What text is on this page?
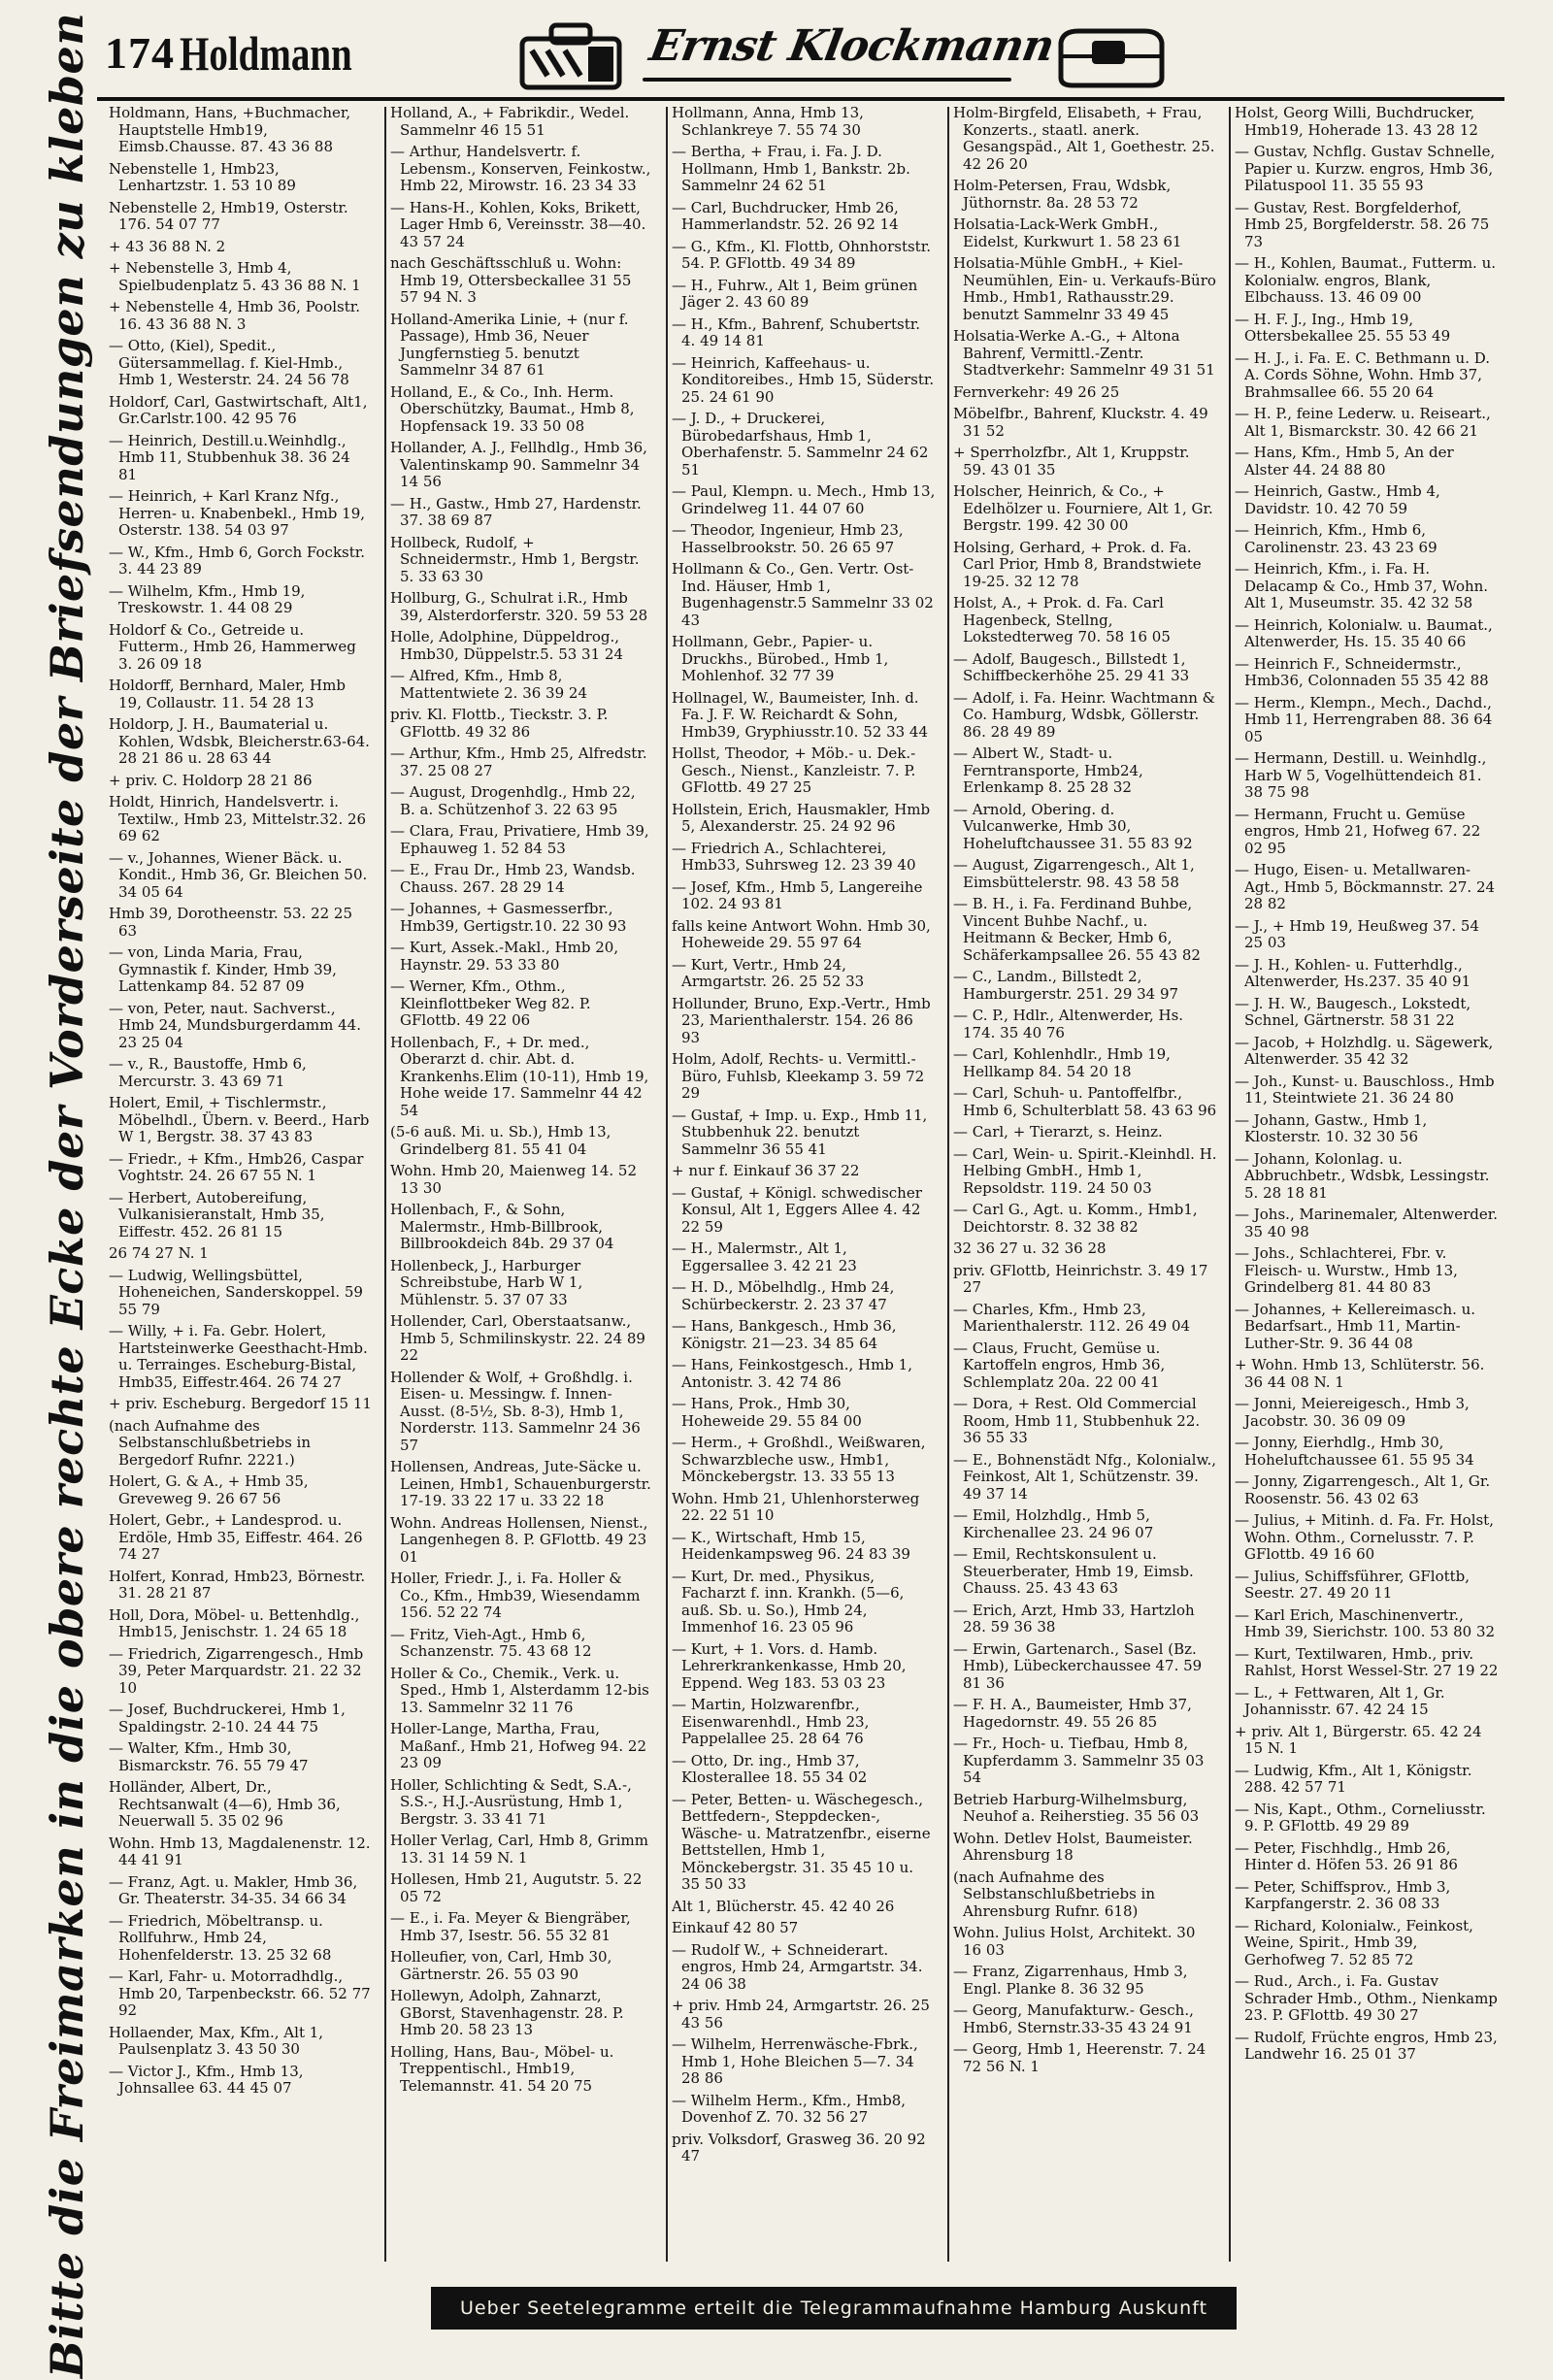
174 Holdmann	Ernst Klockmann
Bitte die Freimarken in die obere rechte Ecke der Vorderseite der Briefsendungen zu kleben Holdmann, Hans, +Buchmacher, Hauptstelle Hmb19, Eimsb.Chausse. 87. 43 36 88
Nebenstelle 1, Hmb23, Lenhartzstr. 1. 53 10 89
Nebenstelle 2, Hmb19, Osterstr. 176. 54 07 77
+ 43 36 88 N. 2
+ Nebenstelle 3, Hmb 4, Spielbudenplatz 5. 43 36 88 N. 1
+ Nebenstelle 4, Hmb 36, Poolstr. 16. 43 36 88 N. 3
— Otto, (Kiel), Spedit., Gütersammellag. f. Kiel-Hmb., Hmb 1, Westerstr. 24. 24 56 78
Holdorf, Carl, Gastwirtschaft, Alt1, Gr.Carlstr.100. 42 95 76
— Heinrich, Destill.u.Weinhdlg., Hmb 11, Stubbenhuk 38. 36 24 81
— Heinrich, + Karl Kranz Nfg., Herren- u. Knabenbekl., Hmb 19, Osterstr. 138. 54 03 97
— W., Kfm., Hmb 6, Gorch Fockstr. 3. 44 23 89
— Wilhelm, Kfm., Hmb 19, Treskowstr. 1. 44 08 29
Holdorf & Co., Getreide u. Futterm., Hmb 26, Hammerweg 3. 26 09 18
Holdorff, Bernhard, Maler, Hmb 19, Collaustr. 11. 54 28 13
Holdorp, J. H., Baumaterial u. Kohlen, Wdsbk, Bleicherstr.63-64. 28 21 86 u. 28 63 44
+ priv. C. Holdorp 28 21 86
Holdt, Hinrich, Handelsvertr. i. Textilw., Hmb 23, Mittelstr.32. 26 69 62
— v., Johannes, Wiener Bäck. u. Kondit., Hmb 36, Gr. Bleichen 50. 34 05 64
Hmb 39, Dorotheenstr. 53. 22 25 63
— von, Linda Maria, Frau, Gymnastik f. Kinder, Hmb 39, Lattenkamp 84. 52 87 09
— von, Peter, naut. Sachverst., Hmb 24, Mundsburgerdamm 44. 23 25 04
— v., R., Baustoffe, Hmb 6, Mercurstr. 3. 43 69 71
Holert, Emil, + Tischlermstr., Möbelhdl., Übern. v. Beerd., Harb W 1, Bergstr. 38. 37 43 83
— Friedr., + Kfm., Hmb26, Caspar Voghtstr. 24. 26 67 55 N. 1
— Herbert, Autobereifung, Vulkanisieranstalt, Hmb 35, Eiffestr. 452. 26 81 15
26 74 27 N. 1
— Ludwig, Wellingsbüttel, Hoheneichen, Sanderskoppel. 59 55 79
— Willy, + i. Fa. Gebr. Holert, Hartsteinwerke Geesthacht-Hmb. u. Terrainges. Escheburg-Bistal, Hmb35, Eiffestr.464. 26 74 27
+ priv. Escheburg. Bergedorf 15 11
(nach Aufnahme des Selbstanschlußbetriebs in Bergedorf Rufnr. 2221.)
Holert, G. & A., + Hmb 35, Greveweg 9. 26 67 56
Holert, Gebr., + Landesprod. u. Erdöle, Hmb 35, Eiffestr. 464. 26 74 27
Holfert, Konrad, Hmb23, Börnestr. 31. 28 21 87
Holl, Dora, Möbel- u. Bettenhdlg., Hmb15, Jenischstr. 1. 24 65 18
— Friedrich, Zigarrengesch., Hmb 39, Peter Marquardstr. 21. 22 32 10
— Josef, Buchdruckerei, Hmb 1, Spaldingstr. 2-10. 24 44 75
— Walter, Kfm., Hmb 30, Bismarckstr. 76. 55 79 47
Holländer, Albert, Dr., Rechtsanwalt (4—6), Hmb 36, Neuerwall 5. 35 02 96
Wohn. Hmb 13, Magdalenenstr. 12. 44 41 91
— Franz, Agt. u. Makler, Hmb 36, Gr. Theaterstr. 34-35. 34 66 34
— Friedrich, Möbeltransp. u. Rollfuhrw., Hmb 24, Hohenfelderstr. 13. 25 32 68
— Karl, Fahr- u. Motorradhdlg., Hmb 20, Tarpenbeckstr. 66. 52 77 92
Hollaender, Max, Kfm., Alt 1, Paulsenplatz 3. 43 50 30
— Victor J., Kfm., Hmb 13, Johnsallee 63. 44 45 07
Holland, A., + Fabrikdir., Wedel. Sammelnr 46 15 51
— Arthur, Handelsvertr. f. Lebensm., Konserven, Feinkostw., Hmb 22, Mirowstr. 16. 23 34 33
— Hans-H., Kohlen, Koks, Brikett, Lager Hmb 6, Vereinsstr. 38—40. 43 57 24
nach Geschäftsschluß u. Wohn: Hmb 19, Ottersbeckallee 31 55 57 94 N. 3
Holland-Amerika Linie, + (nur f. Passage), Hmb 36, Neuer Jungfernstieg 5. benutzt Sammelnr 34 87 61
Holland, E., & Co., Inh. Herm. Oberschützky, Baumat., Hmb 8, Hopfensack 19. 33 50 08
Hollander, A. J., Fellhdlg., Hmb 36, Valentinskamp 90. Sammelnr 34 14 56
— H., Gastw., Hmb 27, Hardenstr. 37. 38 69 87
Hollbeck, Rudolf, + Schneidermstr., Hmb 1, Bergstr. 5. 33 63 30
Hollburg, G., Schulrat i.R., Hmb 39, Alsterdorferstr. 320. 59 53 28
Holle, Adolphine, Düppeldrog., Hmb30, Düppelstr.5. 53 31 24
— Alfred, Kfm., Hmb 8, Mattentwiete 2. 36 39 24
priv. Kl. Flottb., Tieckstr. 3. P. GFlottb. 49 32 86
— Arthur, Kfm., Hmb 25, Alfredstr. 37. 25 08 27
— August, Drogenhdlg., Hmb 22, B. a. Schützenhof 3. 22 63 95
— Clara, Frau, Privatiere, Hmb 39, Ephauweg 1. 52 84 53
— E., Frau Dr., Hmb 23, Wandsb. Chauss. 267. 28 29 14
— Johannes, + Gasmesserfbr., Hmb39, Gertigstr.10. 22 30 93
— Kurt, Assek.-Makl., Hmb 20, Haynstr. 29. 53 33 80
— Werner, Kfm., Othm., Kleinflottbeker Weg 82. P. GFlottb. 49 22 06
Hollenbach, F., + Dr. med., Oberarzt d. chir. Abt. d. Krankenhs.Elim (10-11), Hmb 19, Hohe weide 17. Sammelnr 44 42 54
(5-6 auß. Mi. u. Sb.), Hmb 13, Grindelberg 81. 55 41 04
Wohn. Hmb 20, Maienweg 14. 52 13 30
Hollenbach, F., & Sohn, Malermstr., Hmb-Billbrook, Billbrookdeich 84b. 29 37 04
Hollenbeck, J., Harburger Schreibstube, Harb W 1, Mühlenstr. 5. 37 07 33
Hollender, Carl, Oberstaatsanw., Hmb 5, Schmilinskystr. 22. 24 89 22
Hollender & Wolf, + Großhdlg. i. Eisen- u. Messingw. f. Innen-Ausst. (8-5½, Sb. 8-3), Hmb 1, Norderstr. 113. Sammelnr 24 36 57
Hollensen, Andreas, Jute-Säcke u. Leinen, Hmb1, Schauenburgerstr. 17-19. 33 22 17 u. 33 22 18
Wohn. Andreas Hollensen, Nienst., Langenhegen 8. P. GFlottb. 49 23 01
Holler, Friedr. J., i. Fa. Holler & Co., Kfm., Hmb39, Wiesendamm 156. 52 22 74
— Fritz, Vieh-Agt., Hmb 6, Schanzenstr. 75. 43 68 12
Holler & Co., Chemik., Verk. u. Sped., Hmb 1, Alsterdamm 12-bis 13. Sammelnr 32 11 76
Holler-Lange, Martha, Frau, Maßanf., Hmb 21, Hofweg 94. 22 23 09
Holler, Schlichting & Sedt, S.A.-, S.S.-, H.J.-Ausrüstung, Hmb 1, Bergstr. 3. 33 41 71
Holler Verlag, Carl, Hmb 8, Grimm 13. 31 14 59 N. 1
Hollesen, Hmb 21, Augutstr. 5. 22 05 72
— E., i. Fa. Meyer & Biengräber, Hmb 37, Isestr. 56. 55 32 81
Holleufier, von, Carl, Hmb 30, Gärtnerstr. 26. 55 03 90
Hollewyn, Adolph, Zahnarzt, GBorst, Stavenhagenstr. 28. P. Hmb 20. 58 23 13
Holling, Hans, Bau-, Möbel- u. Treppentischl., Hmb19, Telemannstr. 41. 54 20 75
Hollmann, Anna, Hmb 13, Schlankreye 7. 55 74 30
— Bertha, + Frau, i. Fa. J. D. Hollmann, Hmb 1, Bankstr. 2b. Sammelnr 24 62 51
— Carl, Buchdrucker, Hmb 26, Hammerlandstr. 52. 26 92 14
— G., Kfm., Kl. Flottb, Ohnhorststr. 54. P. GFlottb. 49 34 89
— H., Fuhrw., Alt 1, Beim grünen Jäger 2. 43 60 89
— H., Kfm., Bahrenf, Schubertstr. 4. 49 14 81
— Heinrich, Kaffeehaus- u. Konditoreibes., Hmb 15, Süderstr. 25. 24 61 90
— J. D., + Druckerei, Bürobedarfshaus, Hmb 1, Oberhafenstr. 5. Sammelnr 24 62 51
— Paul, Klempn. u. Mech., Hmb 13, Grindelweg 11. 44 07 60
— Theodor, Ingenieur, Hmb 23, Hasselbrookstr. 50. 26 65 97
Hollmann & Co., Gen. Vertr. Ost-Ind. Häuser, Hmb 1, Bugenhagenstr.5 Sammelnr 33 02 43
Hollmann, Gebr., Papier- u. Druckhs., Bürobed., Hmb 1, Mohlenhof. 32 77 39
Hollnagel, W., Baumeister, Inh. d. Fa. J. F. W. Reichardt & Sohn, Hmb39, Gryphiusstr.10. 52 33 44
Hollst, Theodor, + Möb.- u. Dek.-Gesch., Nienst., Kanzleistr. 7. P. GFlottb. 49 27 25
Hollstein, Erich, Hausmakler, Hmb 5, Alexanderstr. 25. 24 92 96
— Friedrich A., Schlachterei, Hmb33, Suhrsweg 12. 23 39 40
— Josef, Kfm., Hmb 5, Langereihe 102. 24 93 81
falls keine Antwort Wohn. Hmb 30, Hoheweide 29. 55 97 64
— Kurt, Vertr., Hmb 24, Armgartstr. 26. 25 52 33
Hollunder, Bruno, Exp.-Vertr., Hmb 23, Marienthalerstr. 154. 26 86 93
Holm, Adolf, Rechts- u. Vermittl.-Büro, Fuhlsb, Kleekamp 3. 59 72 29
— Gustaf, + Imp. u. Exp., Hmb 11, Stubbenhuk 22. benutzt Sammelnr 36 55 41
+ nur f. Einkauf 36 37 22
— Gustaf, + Königl. schwedischer Konsul, Alt 1, Eggers Allee 4. 42 22 59
— H., Malermstr., Alt 1, Eggersallee 3. 42 21 23
— H. D., Möbelhdlg., Hmb 24, Schürbeckerstr. 2. 23 37 47
— Hans, Bankgesch., Hmb 36, Königstr. 21—23. 34 85 64
— Hans, Feinkostgesch., Hmb 1, Antonistr. 3. 42 74 86
— Hans, Prok., Hmb 30, Hoheweide 29. 55 84 00
— Herm., + Großhdl., Weißwaren, Schwarzbleche usw., Hmb1, Mönckebergstr. 13. 33 55 13
Wohn. Hmb 21, Uhlenhorsterweg 22. 22 51 10
— K., Wirtschaft, Hmb 15, Heidenkampsweg 96. 24 83 39
— Kurt, Dr. med., Physikus, Facharzt f. inn. Krankh. (5—6, auß. Sb. u. So.), Hmb 24, Immenhof 16. 23 05 96
— Kurt, + 1. Vors. d. Hamb. Lehrerkrankenkasse, Hmb 20, Eppend. Weg 183. 53 03 23
— Martin, Holzwarenfbr., Eisenwarenhdl., Hmb 23, Pappelallee 25. 28 64 76
— Otto, Dr. ing., Hmb 37, Klosterallee 18. 55 34 02
— Peter, Betten- u. Wäschegesch., Bettfedern-, Steppdecken-, Wäsche- u. Matratzenfbr., eiserne Bettstellen, Hmb 1, Mönckebergstr. 31. 35 45 10 u. 35 50 33
Alt 1, Blücherstr. 45. 42 40 26
Einkauf 42 80 57
— Rudolf W., + Schneiderart. engros, Hmb 24, Armgartstr. 34. 24 06 38
+ priv. Hmb 24, Armgartstr. 26. 25 43 56
— Wilhelm, Herrenwäsche-Fbrk., Hmb 1, Hohe Bleichen 5—7. 34 28 86
— Wilhelm Herm., Kfm., Hmb8, Dovenhof Z. 70. 32 56 27
priv. Volksdorf, Grasweg 36. 20 92 47
Holm-Birgfeld, Elisabeth, + Frau, Konzerts., staatl. anerk. Gesangspäd., Alt 1, Goethestr. 25. 42 26 20
Holm-Petersen, Frau, Wdsbk, Jüthornstr. 8a. 28 53 72
Holsatia-Lack-Werk GmbH., Eidelst, Kurkwurt 1. 58 23 61
Holsatia-Mühle GmbH., + Kiel-Neumühlen, Ein- u. Verkaufs-Büro Hmb., Hmb1, Rathausstr.29. benutzt Sammelnr 33 49 45
Holsatia-Werke A.-G., + Altona Bahrenf, Vermittl.-Zentr. Stadtverkehr: Sammelnr 49 31 51
Fernverkehr: 49 26 25
Möbelfbr., Bahrenf, Kluckstr. 4. 49 31 52
+ Sperrholzfbr., Alt 1, Kruppstr. 59. 43 01 35
Holscher, Heinrich, & Co., + Edelhölzer u. Fourniere, Alt 1, Gr. Bergstr. 199. 42 30 00
Holsing, Gerhard, + Prok. d. Fa. Carl Prior, Hmb 8, Brandstwiete 19-25. 32 12 78
Holst, A., + Prok. d. Fa. Carl Hagenbeck, Stellng, Lokstedterweg 70. 58 16 05
— Adolf, Baugesch., Billstedt 1, Schiffbeckerhöhe 25. 29 41 33
— Adolf, i. Fa. Heinr. Wachtmann & Co. Hamburg, Wdsbk, Göllerstr. 86. 28 49 89
— Albert W., Stadt- u. Ferntransporte, Hmb24, Erlenkamp 8. 25 28 32
— Arnold, Obering. d. Vulcanwerke, Hmb 30, Hoheluftchaussee 31. 55 83 92
— August, Zigarrengesch., Alt 1, Eimsbüttelerstr. 98. 43 58 58
— B. H., i. Fa. Ferdinand Buhbe, Vincent Buhbe Nachf., u. Heitmann & Becker, Hmb 6, Schäferkampsallee 26. 55 43 82
— C., Landm., Billstedt 2, Hamburgerstr. 251. 29 34 97
— C. P., Hdlr., Altenwerder, Hs. 174. 35 40 76
— Carl, Kohlenhdlr., Hmb 19, Hellkamp 84. 54 20 18
— Carl, Schuh- u. Pantoffelfbr., Hmb 6, Schulterblatt 58. 43 63 96
— Carl, + Tierarzt, s. Heinz.
— Carl, Wein- u. Spirit.-Kleinhdl. H. Helbing GmbH., Hmb 1, Repsoldstr. 119. 24 50 03
— Carl G., Agt. u. Komm., Hmb1, Deichtorstr. 8. 32 38 82
32 36 27 u. 32 36 28
priv. GFlottb, Heinrichstr. 3. 49 17 27
— Charles, Kfm., Hmb 23, Marienthalerstr. 112. 26 49 04
— Claus, Frucht, Gemüse u. Kartoffeln engros, Hmb 36, Schlemplatz 20a. 22 00 41
— Dora, + Rest. Old Commercial Room, Hmb 11, Stubbenhuk 22. 36 55 33
— E., Bohnenstädt Nfg., Kolonialw., Feinkost, Alt 1, Schützenstr. 39. 49 37 14
— Emil, Holzhdlg., Hmb 5, Kirchenallee 23. 24 96 07
— Emil, Rechtskonsulent u. Steuerberater, Hmb 19, Eimsb. Chauss. 25. 43 43 63
— Erich, Arzt, Hmb 33, Hartzloh 28. 59 36 38
— Erwin, Gartenarch., Sasel (Bz. Hmb), Lübeckerchaussee 47. 59 81 36
— F. H. A., Baumeister, Hmb 37, Hagedornstr. 49. 55 26 85
— Fr., Hoch- u. Tiefbau, Hmb 8, Kupferdamm 3. Sammelnr 35 03 54
Betrieb Harburg-Wilhelmsburg, Neuhof a. Reiherstieg. 35 56 03
Wohn. Detlev Holst, Baumeister. Ahrensburg 18
(nach Aufnahme des Selbstanschlußbetriebs in Ahrensburg Rufnr. 618)
Wohn. Julius Holst, Architekt. 30 16 03
— Franz, Zigarrenhaus, Hmb 3, Engl. Planke 8. 36 32 95
— Georg, Manufakturw.- Gesch., Hmb6, Sternstr.33-35 43 24 91
— Georg, Hmb 1, Heerenstr. 7. 24 72 56 N. 1
Holst, Georg Willi, Buchdrucker, Hmb19, Hoherade 13. 43 28 12
— Gustav, Nchflg. Gustav Schnelle, Papier u. Kurzw. engros, Hmb 36, Pilatuspool 11. 35 55 93
— Gustav, Rest. Borgfelderhof, Hmb 25, Borgfelderstr. 58. 26 75 73
— H., Kohlen, Baumat., Futterm. u. Kolonialw. engros, Blank, Elbchauss. 13. 46 09 00
— H. F. J., Ing., Hmb 19, Ottersbekallee 25. 55 53 49
— H. J., i. Fa. E. C. Bethmann u. D. A. Cords Söhne, Wohn. Hmb 37, Brahmsallee 66. 55 20 64
— H. P., feine Lederw. u. Reiseart., Alt 1, Bismarckstr. 30. 42 66 21
— Hans, Kfm., Hmb 5, An der Alster 44. 24 88 80
— Heinrich, Gastw., Hmb 4, Davidstr. 10. 42 70 59
— Heinrich, Kfm., Hmb 6, Carolinenstr. 23. 43 23 69
— Heinrich, Kfm., i. Fa. H. Delacamp & Co., Hmb 37, Wohn. Alt 1, Museumstr. 35. 42 32 58
— Heinrich, Kolonialw. u. Baumat., Altenwerder, Hs. 15. 35 40 66
— Heinrich F., Schneidermstr., Hmb36, Colonnaden 55 35 42 88
— Herm., Klempn., Mech., Dachd., Hmb 11, Herrengraben 88. 36 64 05
— Hermann, Destill. u. Weinhdlg., Harb W 5, Vogelhüttendeich 81. 38 75 98
— Hermann, Frucht u. Gemüse engros, Hmb 21, Hofweg 67. 22 02 95
— Hugo, Eisen- u. Metallwaren-Agt., Hmb 5, Böckmannstr. 27. 24 28 82
— J., + Hmb 19, Heußweg 37. 54 25 03
— J. H., Kohlen- u. Futterhdlg., Altenwerder, Hs.237. 35 40 91
— J. H. W., Baugesch., Lokstedt, Schnel, Gärtnerstr. 58 31 22
— Jacob, + Holzhdlg. u. Sägewerk, Altenwerder. 35 42 32
— Joh., Kunst- u. Bauschloss., Hmb 11, Steintwiete 21. 36 24 80
— Johann, Gastw., Hmb 1, Klosterstr. 10. 32 30 56
— Johann, Kolonlag. u. Abbruchbetr., Wdsbk, Lessingstr. 5. 28 18 81
— Johs., Marinemaler, Altenwerder. 35 40 98
— Johs., Schlachterei, Fbr. v. Fleisch- u. Wurstw., Hmb 13, Grindelberg 81. 44 80 83
— Johannes, + Kellereimasch. u. Bedarfsart., Hmb 11, Martin-Luther-Str. 9. 36 44 08
+ Wohn. Hmb 13, Schlüterstr. 56. 36 44 08 N. 1
— Jonni, Meiereigesch., Hmb 3, Jacobstr. 30. 36 09 09
— Jonny, Eierhdlg., Hmb 30, Hoheluftchaussee 61. 55 95 34
— Jonny, Zigarrengesch., Alt 1, Gr. Roosenstr. 56. 43 02 63
— Julius, + Mitinh. d. Fa. Fr. Holst, Wohn. Othm., Cornelusstr. 7. P. GFlottb. 49 16 60
— Julius, Schiffsführer, GFlottb, Seestr. 27. 49 20 11
— Karl Erich, Maschinenvertr., Hmb 39, Sierichstr. 100. 53 80 32
— Kurt, Textilwaren, Hmb., priv. Rahlst, Horst Wessel-Str. 27 19 22
— L., + Fettwaren, Alt 1, Gr. Johannisstr. 67. 42 24 15
+ priv. Alt 1, Bürgerstr. 65. 42 24 15 N. 1
— Ludwig, Kfm., Alt 1, Königstr. 288. 42 57 71
— Nis, Kapt., Othm., Corneliusstr. 9. P. GFlottb. 49 29 89
— Peter, Fischhdlg., Hmb 26, Hinter d. Höfen 53. 26 91 86
— Peter, Schiffsprov., Hmb 3, Karpfangerstr. 2. 36 08 33
— Richard, Kolonialw., Feinkost, Weine, Spirit., Hmb 39, Gerhofweg 7. 52 85 72
— Rud., Arch., i. Fa. Gustav Schrader Hmb., Othm., Nienkamp 23. P. GFlottb. 49 30 27
— Rudolf, Früchte engros, Hmb 23, Landwehr 16. 25 01 37
Ueber Seetelegramme erteilt die Telegrammaufnahme Hamburg Auskunft
